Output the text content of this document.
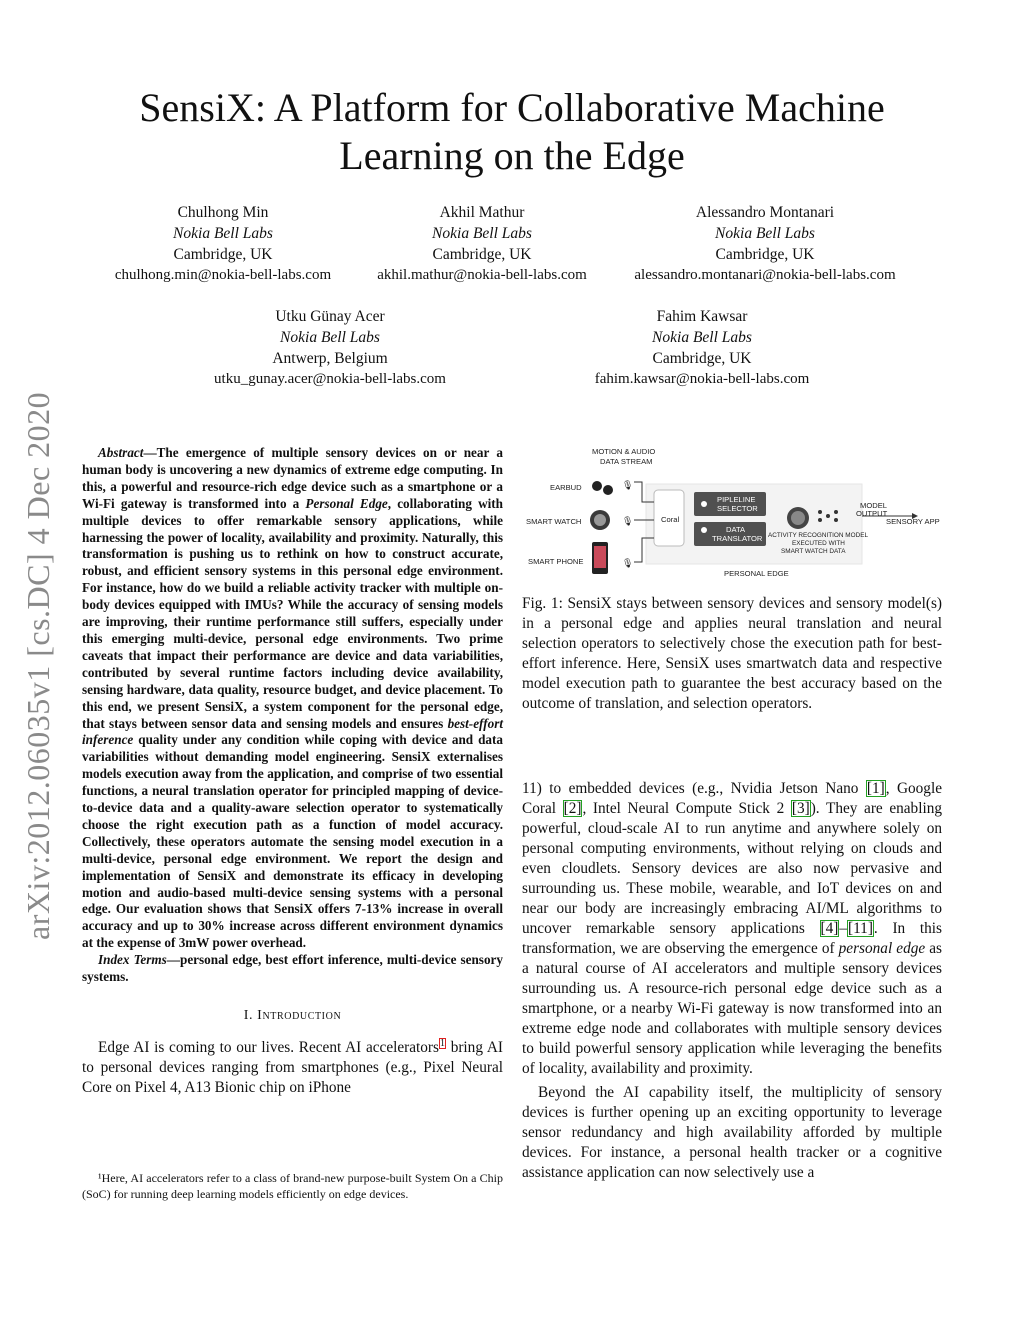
arXiv:2012.06035v1 [cs.DC] 4 Dec 2020
SensiX: A Platform for Collaborative Machine Learning on the Edge
Chulhong Min
Nokia Bell Labs
Cambridge, UK
chulhong.min@nokia-bell-labs.com
Akhil Mathur
Nokia Bell Labs
Cambridge, UK
akhil.mathur@nokia-bell-labs.com
Alessandro Montanari
Nokia Bell Labs
Cambridge, UK
alessandro.montanari@nokia-bell-labs.com
Utku Günay Acer
Nokia Bell Labs
Antwerp, Belgium
utku_gunay.acer@nokia-bell-labs.com
Fahim Kawsar
Nokia Bell Labs
Cambridge, UK
fahim.kawsar@nokia-bell-labs.com

Abstract—The emergence of multiple sensory devices on or near a human body is uncovering a new dynamics of extreme edge computing. In this, a powerful and resource-rich edge device such as a smartphone or a Wi-Fi gateway is transformed into a Personal Edge, collaborating with multiple devices to offer remarkable sensory applications, while harnessing the power of locality, availability and proximity. Naturally, this transformation is pushing us to rethink on how to construct accurate, robust, and efficient sensory systems in this personal edge environment. For instance, how do we build a reliable activity tracker with multiple on-body devices equipped with IMUs? While the accuracy of sensing models are improving, their runtime performance still suffers, especially under this emerging multi-device, personal edge environments. Two prime caveats that impact their performance are device and data variabilities, contributed by several runtime factors including device availability, sensing hardware, data quality, resource budget, and device placement. To this end, we present SensiX, a system component for the personal edge, that stays between sensor data and sensing models and ensures best-effort inference quality under any condition while coping with device and data variabilities without demanding model engineering. SensiX externalises models execution away from the application, and comprise of two essential functions, a neural translation operator for principled mapping of device-to-device data and a quality-aware selection operator to systematically choose the right execution path as a function of model accuracy. Collectively, these operators automate the sensing model execution in a multi-device, personal edge environment. We report the design and implementation of SensiX and demonstrate its efficacy in developing motion and audio-based multi-device sensing systems with a personal edge. Our evaluation shows that SensiX offers 7-13% increase in overall accuracy and up to 30% increase across different environment dynamics at the expense of 3mW power overhead.

Index Terms—personal edge, best effort inference, multi-device sensory systems.

I. Introduction

Edge AI is coming to our lives. Recent AI accelerators$^1$ bring AI to personal devices ranging from smartphones (e.g., Pixel Neural Core on Pixel 4, A13 Bionic chip on iPhone

¹Here, AI accelerators refer to a class of brand-new purpose-built System On a Chip (SoC) for running deep learning models efficiently on edge devices.
Coral
PIPLELINE
SELECTOR
DATA
TRANSLATOR ACTIVITY RECOGNITION MODEL
EXECUTED WITH
SMART WATCH DATA
PERSONAL EDGE
MOTION & AUDIO
DATA STREAM
EARBUD
SMART WATCH
SMART PHONE
🎙
🎙
🎙
MODEL
OUTPUT
SENSORY APP

Fig. 1: SensiX stays between sensory devices and sensory model(s) in a personal edge and applies neural translation and neural selection operators to selectively chose the execution path for best-effort inference. Here, SensiX uses smartwatch data and respective model execution path to guarantee the best accuracy based on the outcome of translation, and selection operators.

11) to embedded devices (e.g., Nvidia Jetson Nano [1], Google Coral [2], Intel Neural Compute Stick 2 [3]). They are enabling powerful, cloud-scale AI to run anytime and anywhere solely on personal computing environments, without relying on clouds and even cloudlets. Sensory devices are also now pervasive and surrounding us. These mobile, wearable, and IoT devices on and near our body are increasingly embracing AI/ML algorithms to uncover remarkable sensory applications [4]–[11]. In this transformation, we are observing the emergence of personal edge as a natural course of AI accelerators and multiple sensory devices surrounding us. A resource-rich personal edge device such as a smartphone, or a nearby Wi-Fi gateway is now transformed into an extreme edge node and collaborates with multiple sensory devices to build powerful sensory application while leveraging the benefits of locality, availability and proximity.

Beyond the AI capability itself, the multiplicity of sensory devices is further opening up an exciting opportunity to leverage sensor redundancy and high availability afforded by multiple devices. For instance, a personal health tracker or a cognitive assistance application can now selectively use a
